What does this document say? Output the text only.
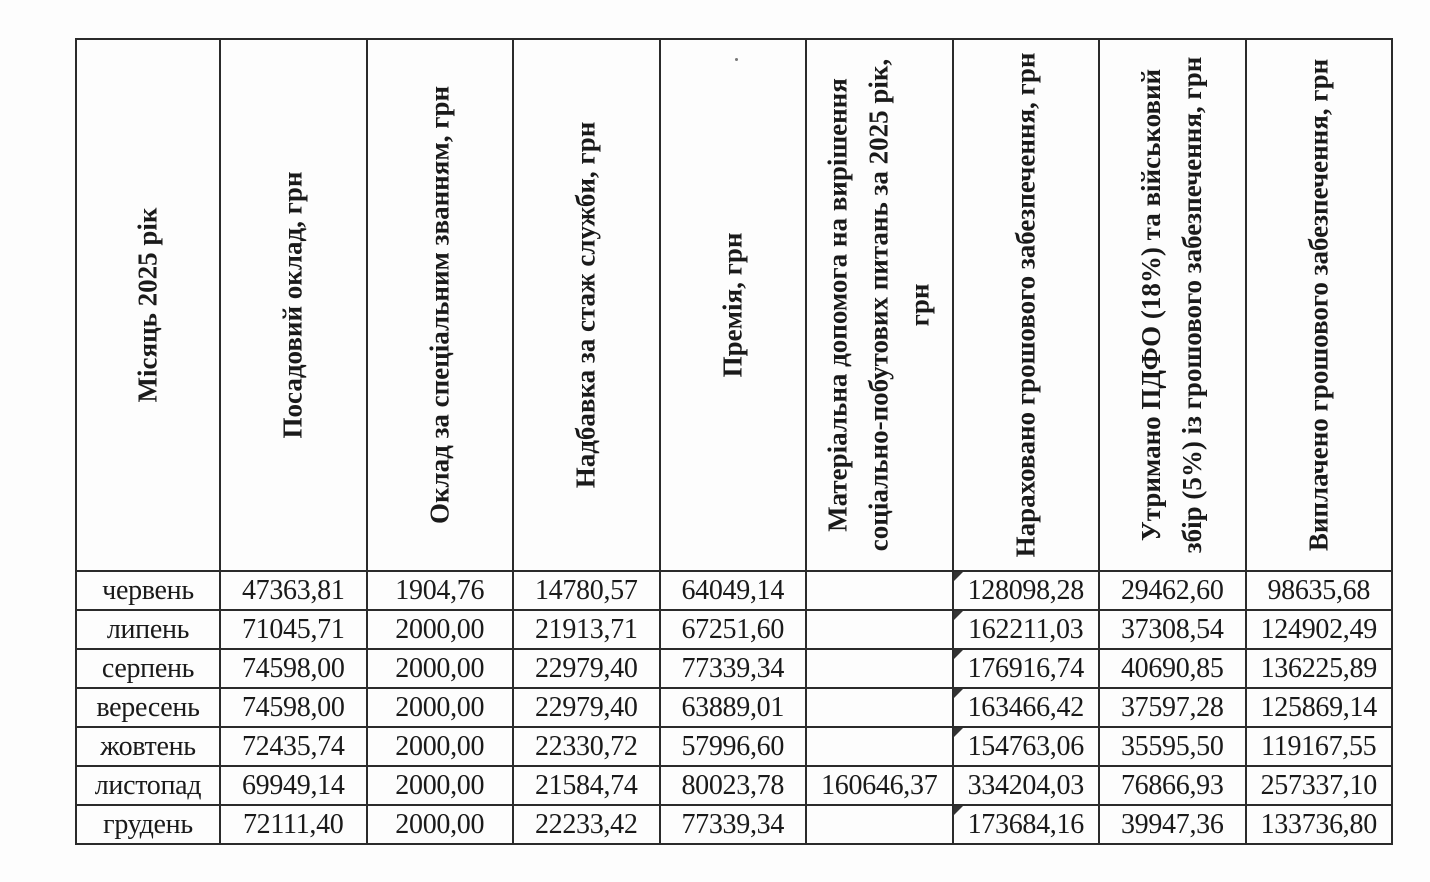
Місяць 2025 рік	Посадовий оклад, грн	Оклад за спеціальним званням, грн	Надбавка за стаж служби, грн	Премія, грн	Матеріальна допомога на вирішення соціально-побутових питань за 2025 рік, грн	Нараховано грошового забезпечення, грн	Утримано ПДФО (18%) та військовий збір (5%) із грошового забезпечення, грн	Виплачено грошового забезпечення, грн

червень	47363,81	1904,76	14780,57	64049,14		128098,28	29462,60	98635,68
липень	71045,71	2000,00	21913,71	67251,60		162211,03	37308,54	124902,49
серпень	74598,00	2000,00	22979,40	77339,34		176916,74	40690,85	136225,89
вересень	74598,00	2000,00	22979,40	63889,01		163466,42	37597,28	125869,14
жовтень	72435,74	2000,00	22330,72	57996,60		154763,06	35595,50	119167,55
листопад	69949,14	2000,00	21584,74	80023,78	160646,37	334204,03	76866,93	257337,10
грудень	72111,40	2000,00	22233,42	77339,34		173684,16	39947,36	133736,80
